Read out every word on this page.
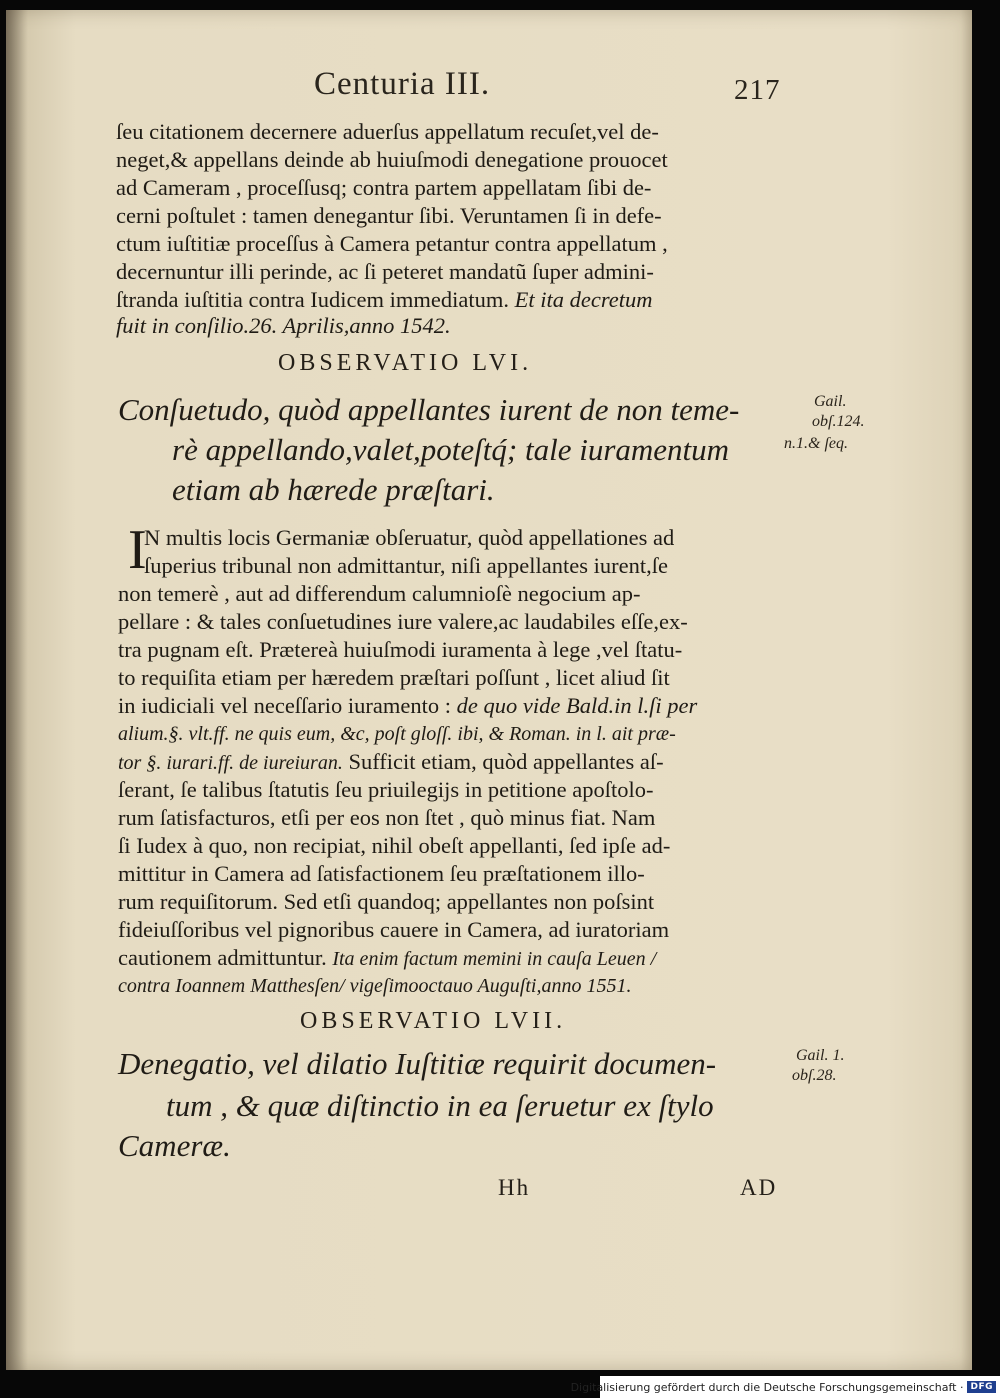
Centuria III.	217
ſeu citationem decernere aduerſus appellatum recuſet,vel de-
neget,& appellans deinde ab huiuſmodi denegatione prouocet
ad Cameram , proceſſusq; contra partem appellatam ſibi de-
cerni poſtulet : tamen denegantur ſibi. Veruntamen ſi in defe-
ctum iuſtitiæ proceſſus à Camera petantur contra appellatum ,
decernuntur illi perinde, ac ſi peteret mandatũ ſuper admini-
ſtranda iuſtitia contra Iudicem immediatum. Et ita decretum
fuit in conſilio.26. Aprilis,anno 1542.
OBSERVATIO LVI.
Conſuetudo, quòd appellantes iurent de non teme-
rè appellando,valet,poteſtq́; tale iuramentum
etiam ab hærede præſtari.
Gail.
obſ.124.
n.1.& ſeq.
I
N multis locis Germaniæ obſeruatur, quòd appellationes ad
ſuperius tribunal non admittantur, niſi appellantes iurent,ſe
non temerè , aut ad differendum calumnioſè negocium ap-
pellare : & tales conſuetudines iure valere,ac laudabiles eſſe,ex-
tra pugnam eſt. Prætereà huiuſmodi iuramenta à lege ,vel ſtatu-
to requiſita etiam per hæredem præſtari poſſunt , licet aliud ſit
in iudiciali vel neceſſario iuramento : de quo vide Bald.in l.ſi per
alium.§. vlt.ff. ne quis eum, &c, poſt gloſſ. ibi, & Roman. in l. ait præ-
tor §. iurari.ff. de iureiuran. Sufficit etiam, quòd appellantes aſ-
ſerant, ſe talibus ſtatutis ſeu priuilegijs in petitione apoſtolo-
rum ſatisfacturos, etſi per eos non ſtet , quò minus fiat. Nam
ſi Iudex à quo, non recipiat, nihil obeſt appellanti, ſed ipſe ad-
mittitur in Camera ad ſatisfactionem ſeu præſtationem illo-
rum requiſitorum. Sed etſi quandoq; appellantes non poſsint
fideiuſſoribus vel pignoribus cauere in Camera, ad iuratoriam
cautionem admittuntur. Ita enim factum memini in cauſa Leuen /
contra Ioannem Matthesſen/ vigeſimooctauo Auguſti,anno 1551.
OBSERVATIO LVII.
Denegatio, vel dilatio Iuſtitiæ requirit documen-
tum , & quæ diſtinctio in ea ſeruetur ex ſtylo
Cameræ.
Gail. 1.
obſ.28.
Hh	AD
Digitalisierung gefördert durch die Deutsche Forschungsgemeinschaft · DFG
